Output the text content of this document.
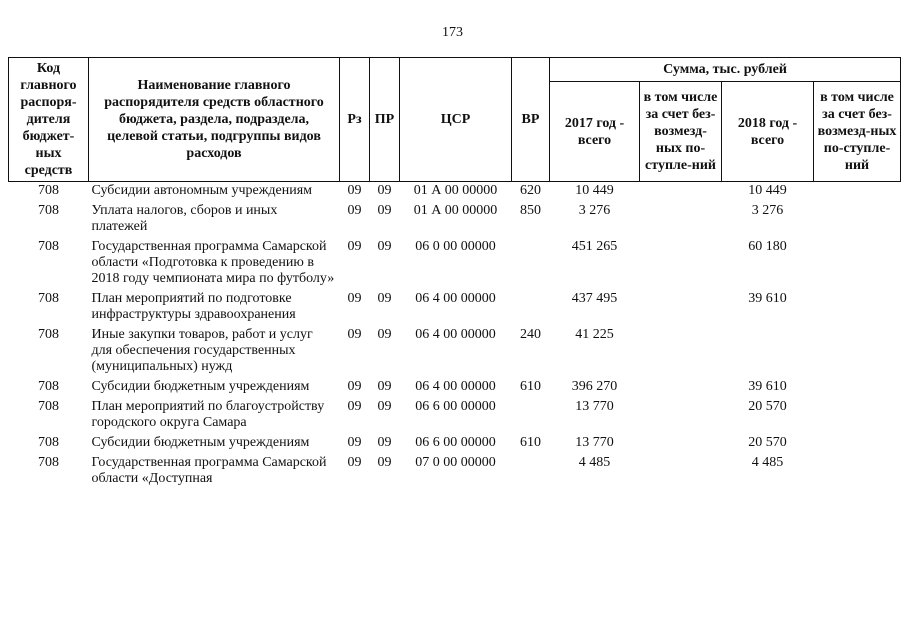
173
Код главного распоря-дителя бюджет-ных средств	Наименование главного распорядителя средств областного бюджета, раздела, подраздела, целевой статьи, подгруппы видов расходов	Рз	ПР	ЦСР	ВР	Сумма, тыс. рублей			
						2017 год - всего	в том числе за счет без-возмезд-ных по-ступле-ний	2018 год - всего	в том числе за счет без-возмезд-ных по-ступле-ний
708	Субсидии автономным учреждениям	09	09	01 А 00 00000	620	10 449		10 449	
708	Уплата налогов, сборов и иных платежей	09	09	01 А 00 00000	850	3 276		3 276	
708	Государственная программа Самарской области «Подготовка к проведению в 2018 году чемпионата мира по футболу»	09	09	06 0 00 00000		451 265		60 180	
708	План мероприятий по подготовке инфраструктуры здравоохранения	09	09	06 4 00 00000		437 495		39 610	
708	Иные закупки товаров, работ и услуг для обеспечения государственных (муниципальных) нужд	09	09	06 4 00 00000	240	41 225			
708	Субсидии бюджетным учреждениям	09	09	06 4 00 00000	610	396 270		39 610	
708	План мероприятий по благоустройству городского округа Самара	09	09	06 6 00 00000		13 770		20 570	
708	Субсидии бюджетным учреждениям	09	09	06 6 00 00000	610	13 770		20 570	
708	Государственная программа Самарской области «Доступная	09	09	07 0 00 00000		4 485		4 485	
